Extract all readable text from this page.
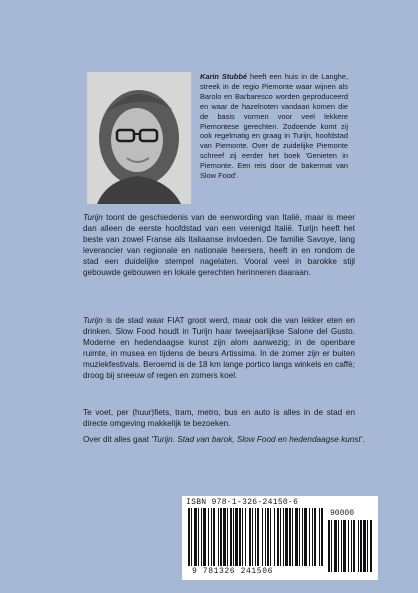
Karin Stubbé heeft een huis in de Langhe, streek in de regio Piemonte waar wijnen als Barolo en Barbaresco worden geproduceerd en waar de hazelnoten vandaan komen die de basis vormen voor veel lekkere Piemontese gerechten. Zodoende komt zij ook regelmatig en graag in Turijn, hoofdstad van Piemonte. Over de zuidelijke Piemonte schreef zij eerder het boek 'Genieten in Piemonte. Een reis door de bakermat van Slow Food'.

Turijn toont de geschiedenis van de eenwording van Italië, maar is meer dan alleen de eerste hoofdstad van een verenigd Italië. Turijn heeft het beste van zowel Franse als Italiaanse invloeden. De familie Savoye, lang leverancier van regionale en nationale heersers, heeft in en rondom de stad een duidelijke stempel nagelaten. Vooral veel in barokke stijl gebouwde gebouwen en lokale gerechten herinneren daaraan.

Turijn is de stad waar FIAT groot werd, maar ook die van lekker eten en drinken. Slow Food houdt in Turijn haar tweejaarlijkse Salone del Gusto. Moderne en hedendaagse kunst zijn alom aanwezig; in de openbare ruimte, in musea en tijdens de beurs Artissima. In de zomer zijn er buiten muziekfestivals. Beroemd is de 18 km lange portico langs winkels en caffè; droog bij sneeuw of regen en zomers koel.

Te voet, per (huur)fiets, tram, metro, bus en auto is alles in de stad en directe omgeving makkelijk te bezoeken.

Over dit alles gaat 'Turijn. Stad van barok, Slow Food en hedendaagse kunst'.

ISBN 978-1-326-24150-6
90000
9 781326 241506
